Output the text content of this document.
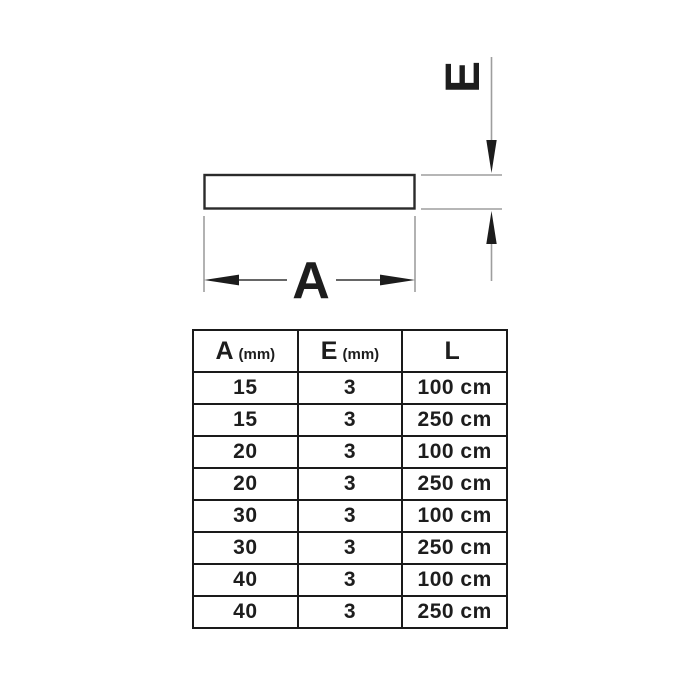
A
E
A (mm)	E (mm)	L
15	3	100 cm
15	3	250 cm
20	3	100 cm
20	3	250 cm
30	3	100 cm
30	3	250 cm
40	3	100 cm
40	3	250 cm
